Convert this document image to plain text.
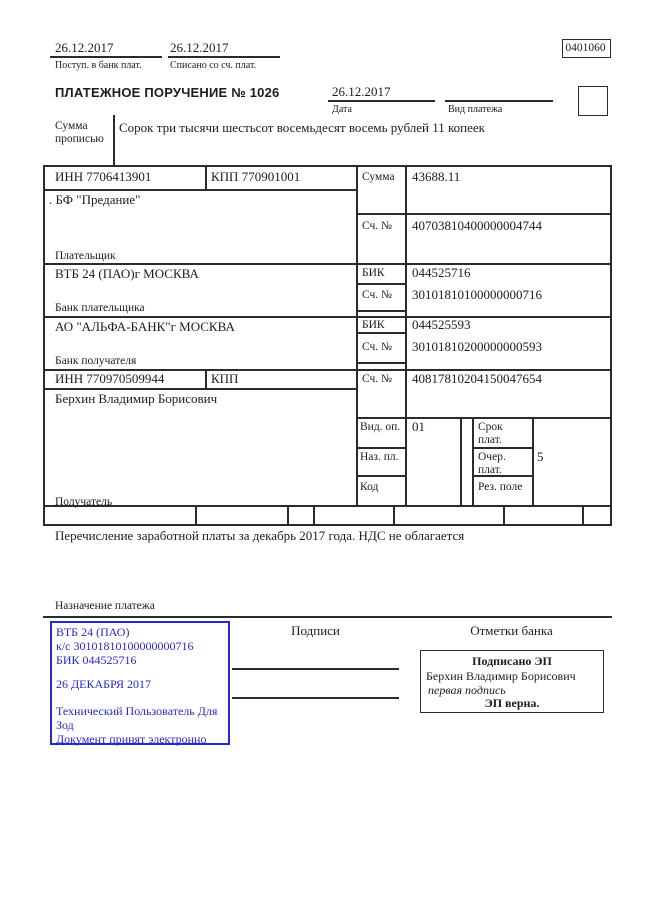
26.12.2017
Поступ. в банк плат.
26.12.2017
Списано со сч. плат.
0401060
ПЛАТЕЖНОЕ ПОРУЧЕНИЕ № 1026	26.12.2017
Дата	Вид платежа
Сумма прописью
Сорок три тысячи шестьсот восемьдесят восемь рублей 11 копеек
ИНН 7706413901	КПП 770901001	Сумма 43688.11
. БФ "Предание"
Сч. № 40703810400000004744
Плательщик
ВТБ 24 (ПАО)г МОСКВА	БИК 044525716
Сч. № 30101810100000000716
Банк плательщика
АО "АЛЬФА-БАНК"г МОСКВА	БИК 044525593
Сч. № 30101810200000000593
Банк получателя
ИНН 770970509944	КПП	Сч. № 40817810204150047654
Берхин Владимир Борисович
Вид. оп. 01	Срок плат.
Наз. пл.	Очер. плат.
5
Код	Рез. поле
Получатель
Перечисление заработной платы за декабрь 2017 года. НДС не облагается
Назначение платежа
ВТБ 24 (ПАО)
к/с 30101810100000000716
БИК 044525716
26 ДЕКАБРЯ 2017
Технический Пользователь Для
Зод
Документ принят электронно
Подписи	Отметки банка
Подписано ЭП
Берхин Владимир Борисович
первая подпись
ЭП верна.
